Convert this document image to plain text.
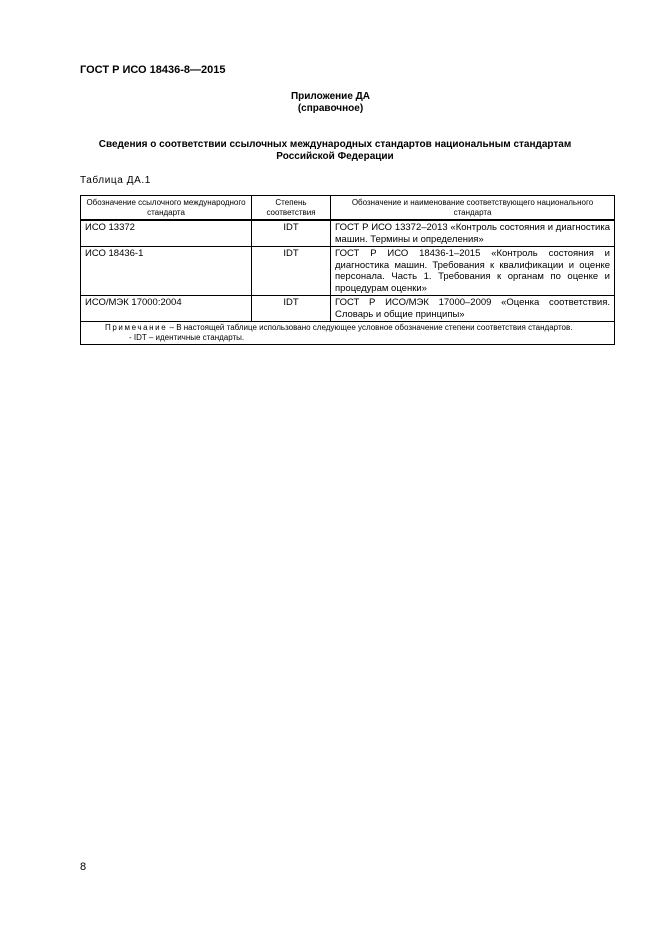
ГОСТ Р ИСО 18436-8—2015
Приложение ДА
(справочное)
Сведения о соответствии ссылочных международных стандартов национальным стандартам
Российской Федерации
Таблица ДА.1
Обозначение ссылочного международного стандарта	Степень соответствия	Обозначение и наименование соответствующего национального стандарта
ИСО 13372	IDT	ГОСТ Р ИСО 13372–2013 «Контроль состояния и диагностика машин. Термины и определения»
ИСО 18436-1	IDT	ГОСТ Р ИСО 18436-1–2015 «Контроль состояния и диагностика машин. Требования к квалификации и оценке персонала. Часть 1. Требования к органам по оценке и процедурам оценки»
ИСО/МЭК 17000:2004	IDT	ГОСТ Р ИСО/МЭК 17000–2009 «Оценка соответствия. Словарь и общие принципы»

Примечание – В настоящей таблице использовано следующее условное обозначение степени соответствия стандартов.
- IDT – идентичные стандарты.		
8
